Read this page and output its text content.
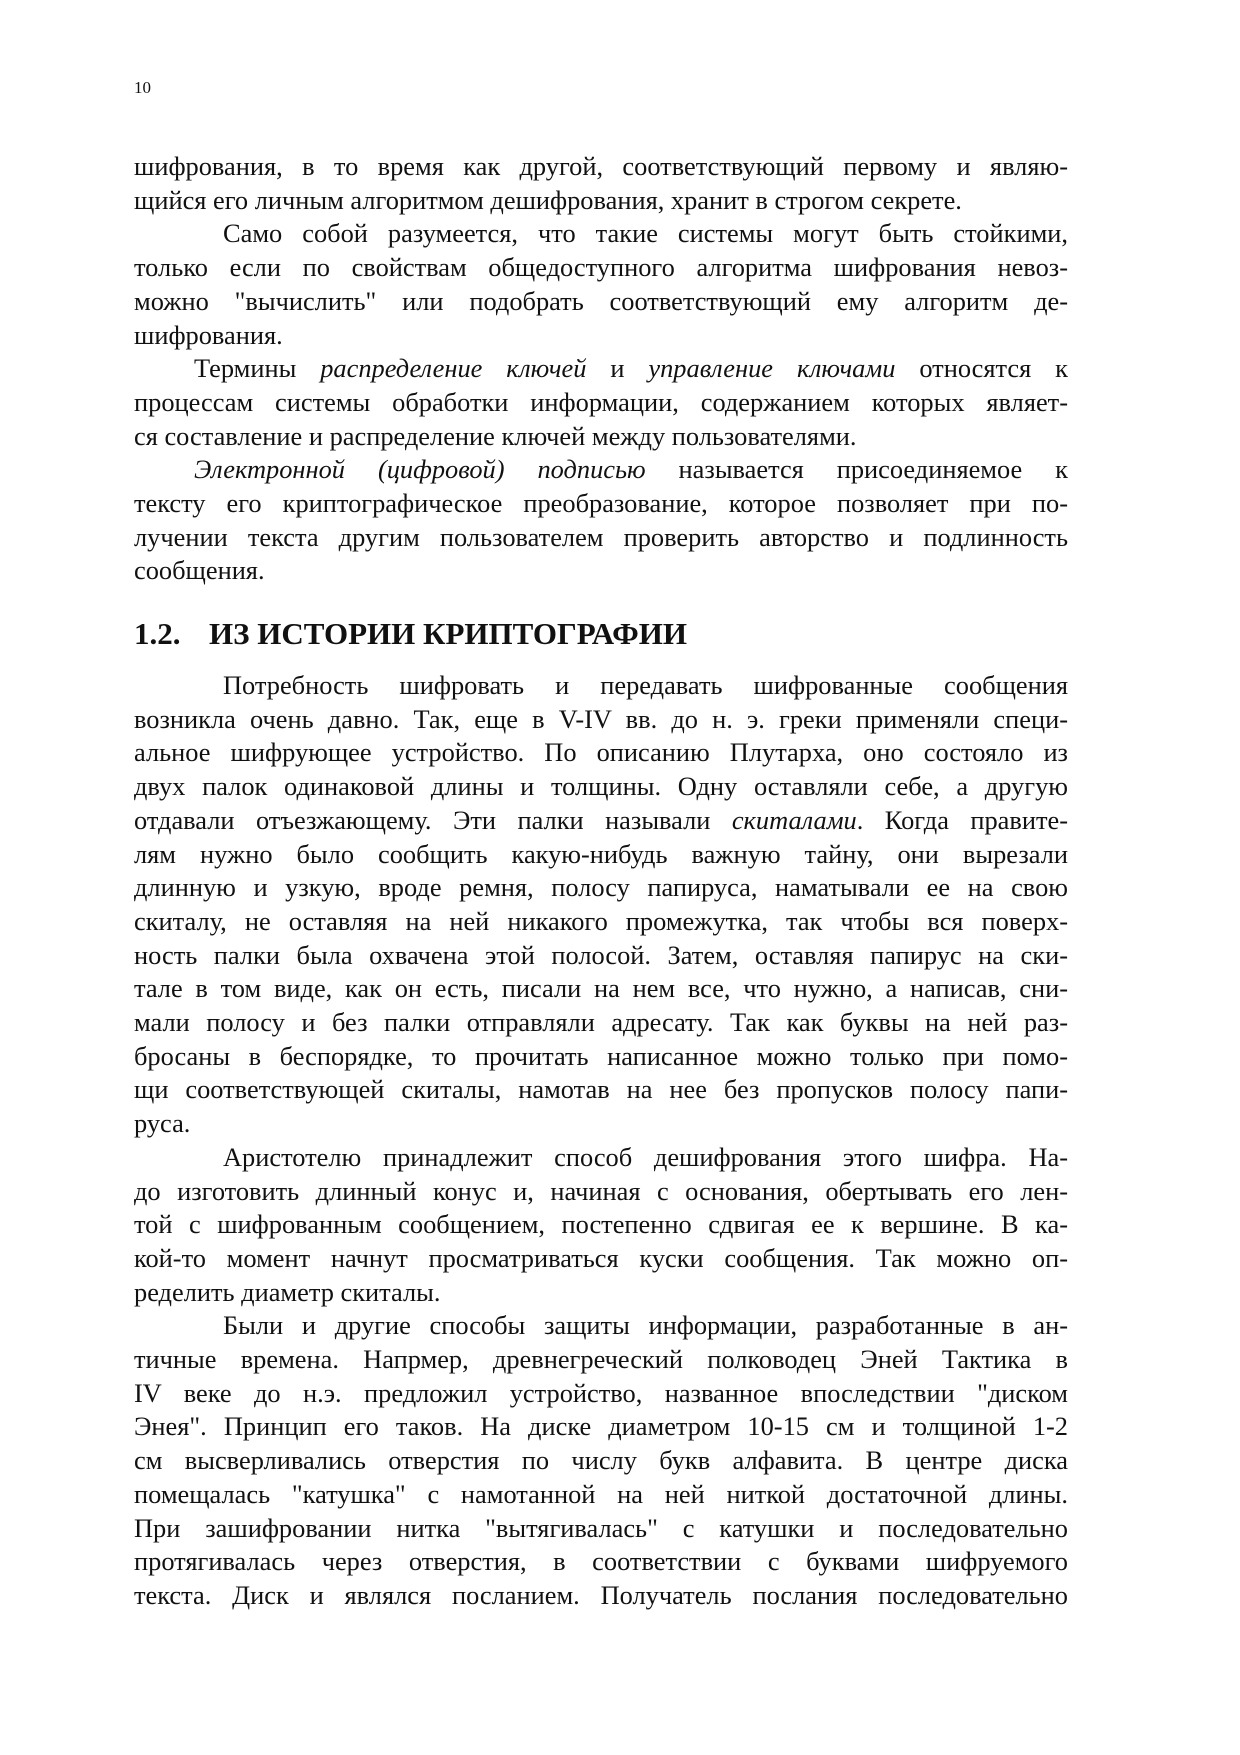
10
шифрования, в то время как другой, соответствующий первому и являю-
щийся его личным алгоритмом дешифрования, хранит в строгом секрете.
Само собой разумеется, что такие системы могут быть стойкими,
только если по свойствам общедоступного алгоритма шифрования невоз-
можно "вычислить" или подобрать соответствующий ему алгоритм де-
шифрования.
Термины распределение ключей и управление ключами относятся к
процессам системы обработки информации, содержанием которых являет-
ся составление и распределение ключей между пользователями.
Электронной (цифровой) подписью называется присоединяемое к
тексту его криптографическое преобразование, которое позволяет при по-
лучении текста другим пользователем проверить авторство и подлинность
сообщения.
1.2. ИЗ ИСТОРИИ КРИПТОГРАФИИ
Потребность шифровать и передавать шифрованные сообщения
возникла очень давно. Так, еще в V-IV вв. до н. э. греки применяли специ-
альное шифрующее устройство. По описанию Плутарха, оно состояло из
двух палок одинаковой длины и толщины. Одну оставляли себе, а другую
отдавали отъезжающему. Эти палки называли скиталами. Когда правите-
лям нужно было сообщить какую-нибудь важную тайну, они вырезали
длинную и узкую, вроде ремня, полосу папируса, наматывали ее на свою
скиталу, не оставляя на ней никакого промежутка, так чтобы вся поверх-
ность палки была охвачена этой полосой. Затем, оставляя папирус на ски-
тале в том виде, как он есть, писали на нем все, что нужно, а написав, сни-
мали полосу и без палки отправляли адресату. Так как буквы на ней раз-
бросаны в беспорядке, то прочитать написанное можно только при помо-
щи соответствующей скиталы, намотав на нее без пропусков полосу папи-
руса.
Аристотелю принадлежит способ дешифрования этого шифра. На-
до изготовить длинный конус и, начиная с основания, обертывать его лен-
той с шифрованным сообщением, постепенно сдвигая ее к вершине. В ка-
кой-то момент начнут просматриваться куски сообщения. Так можно оп-
ределить диаметр скиталы.
Были и другие способы защиты информации, разработанные в ан-
тичные времена. Напрмер, древнегреческий полководец Эней Тактика в
IV веке до н.э. предложил устройство, названное впоследствии "диском
Энея". Принцип его таков. На диске диаметром 10-15 см и толщиной 1-2
см высверливались отверстия по числу букв алфавита. В центре диска
помещалась "катушка" с намотанной на ней ниткой достаточной длины.
При зашифровании нитка "вытягивалась" с катушки и последовательно
протягивалась через отверстия, в соответствии с буквами шифруемого
текста. Диск и являлся посланием. Получатель послания последовательно
